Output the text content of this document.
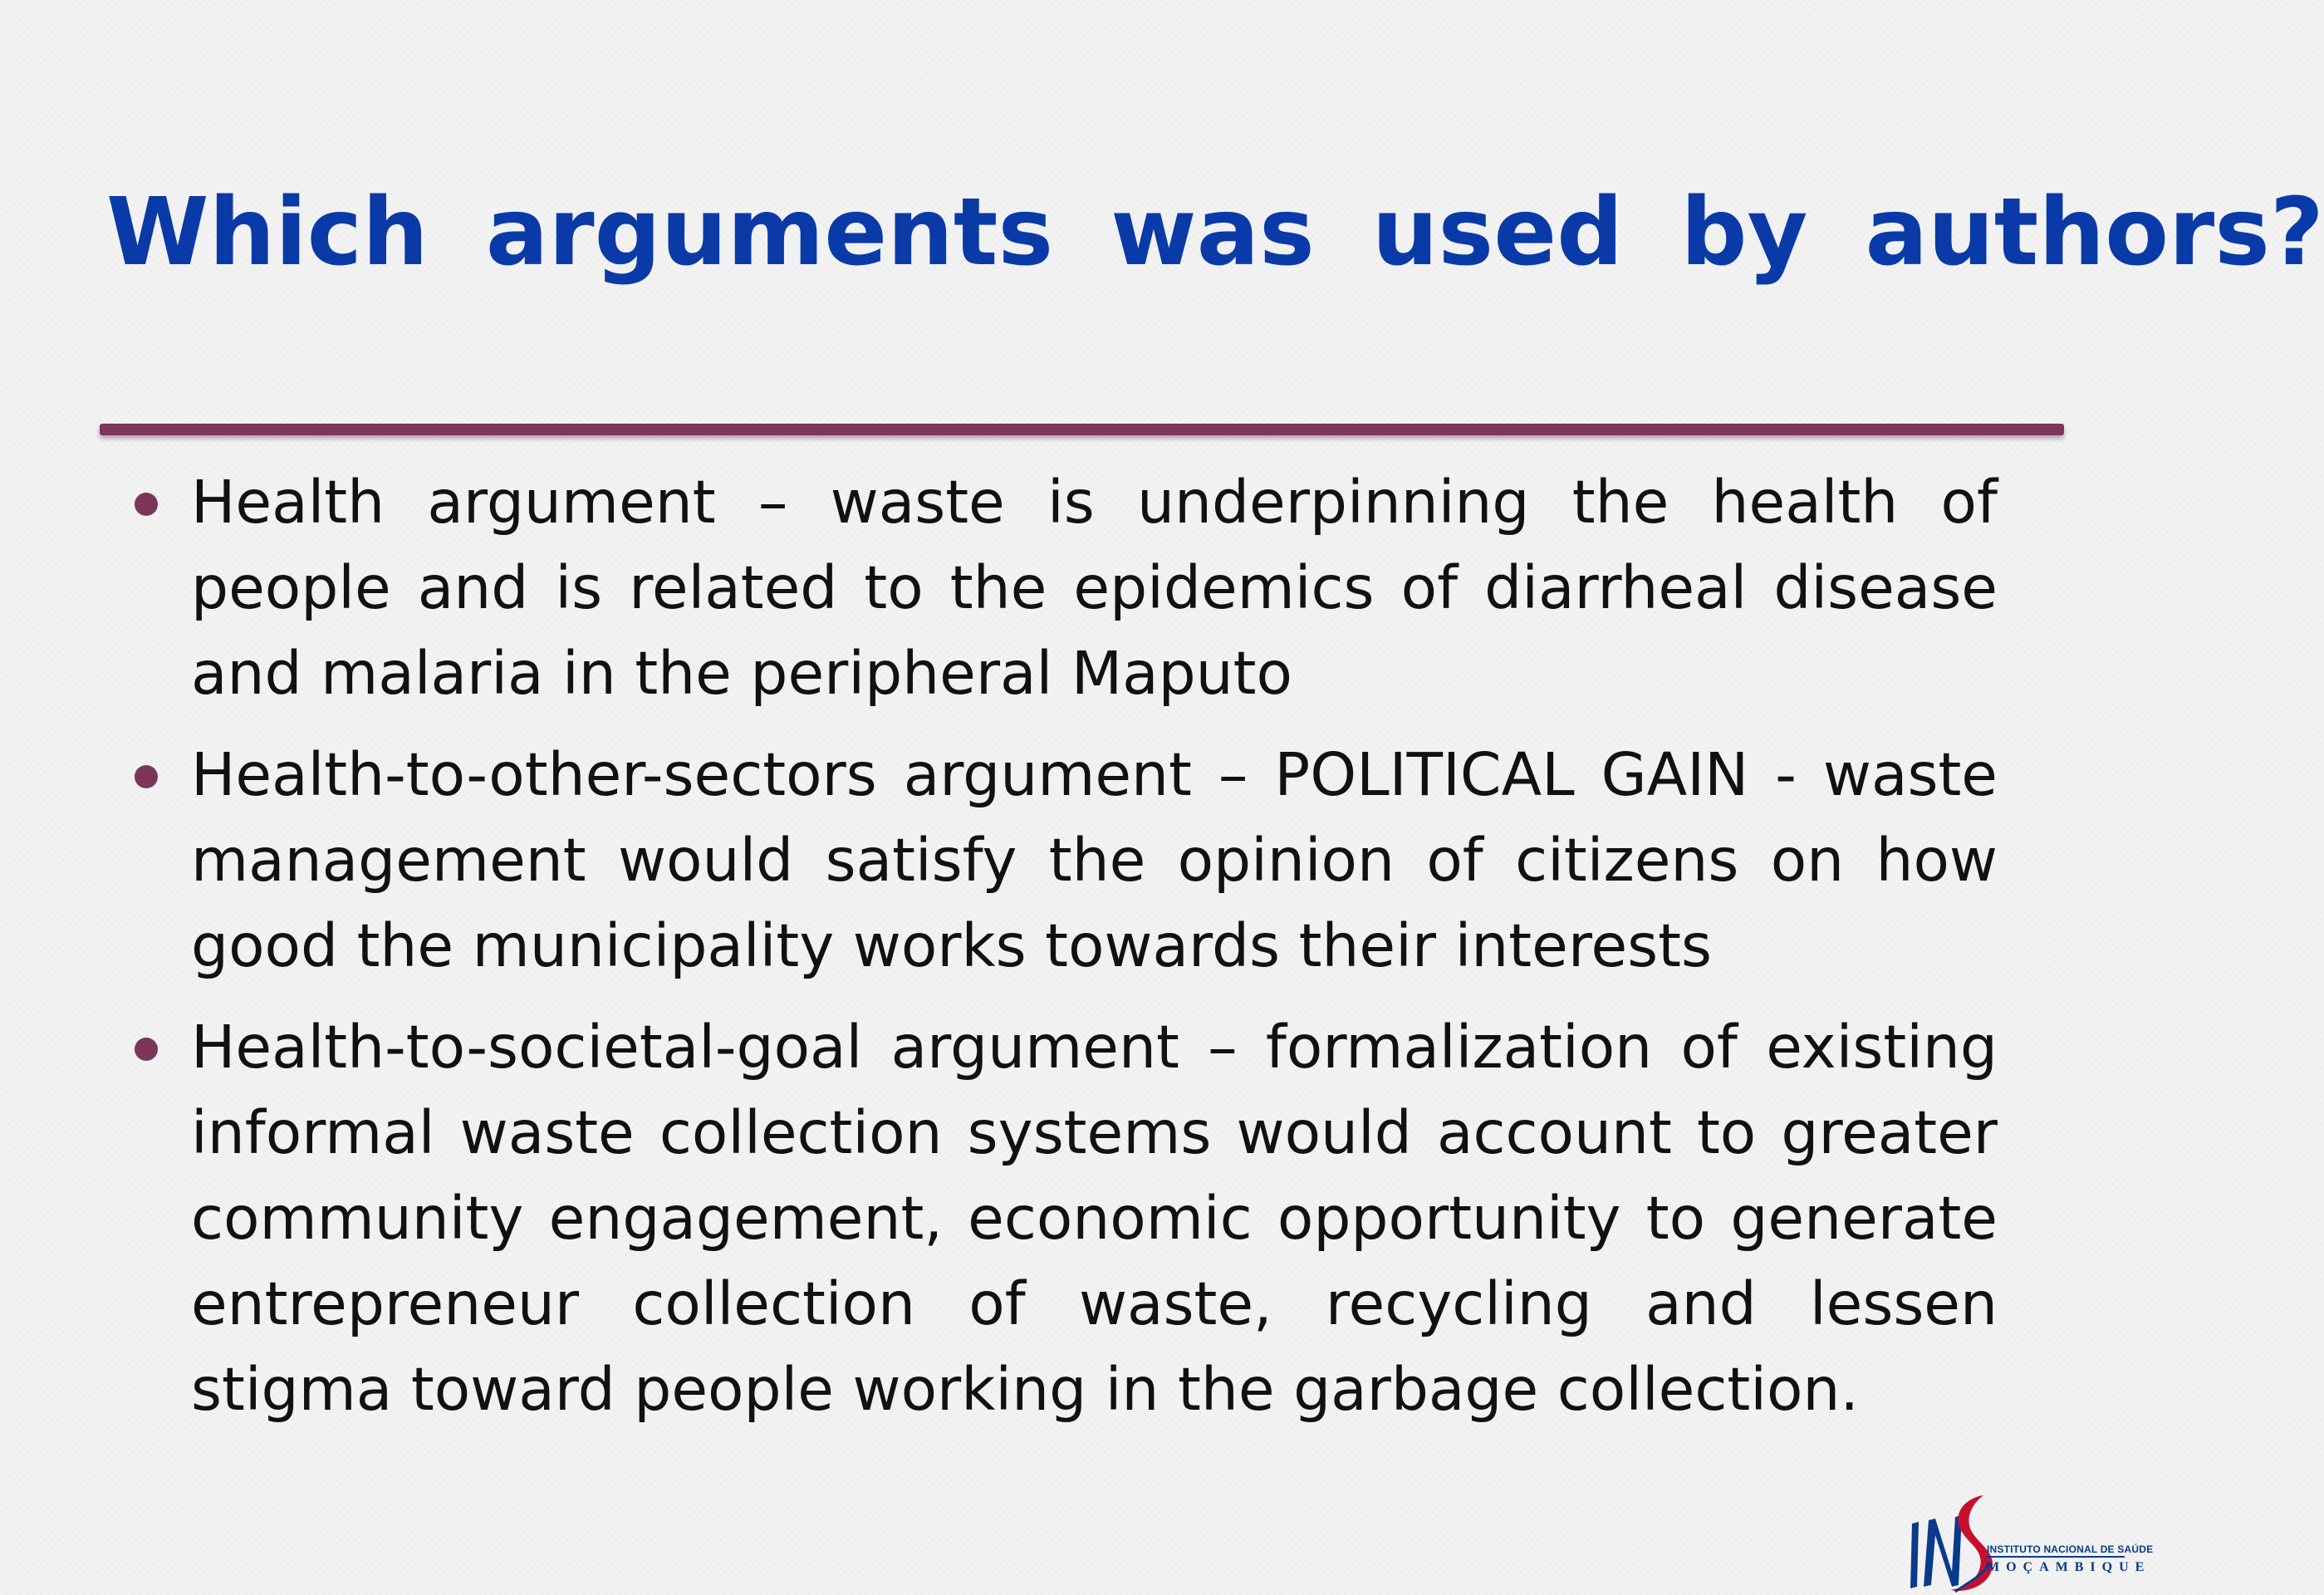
Which arguments was used by authors?
Health argument – waste is underpinning the health of people and is related to the epidemics of diarrheal disease and malaria in the peripheral Maputo
Health-to-other-sectors argument – POLITICAL GAIN - waste management would satisfy the opinion of citizens on how good the municipality works towards their interests
Health-to-societal-goal argument – formalization of existing informal waste collection systems would account to greater community engagement, economic opportunity to generate entrepreneur collection of waste, recycling and lessen stigma toward people working in the garbage collection.
INSTITUTO NACIONAL DE SAÚDE
MOÇAMBIQUE
